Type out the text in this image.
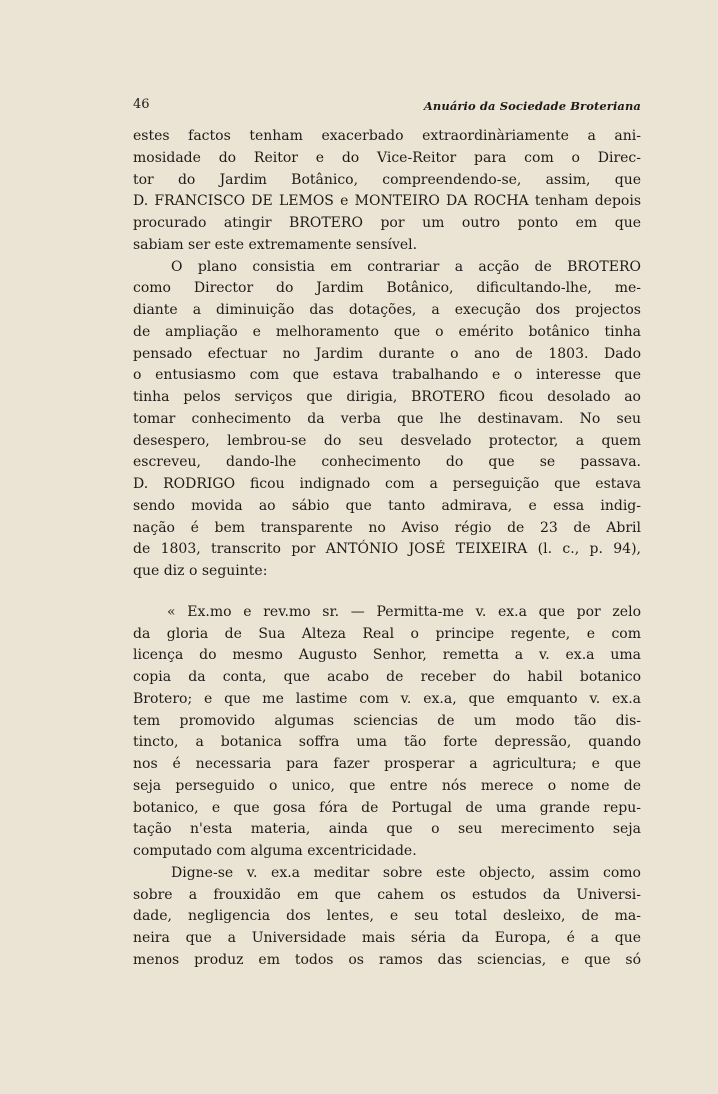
46	Anuário da Sociedade Broteriana
estes factos tenham exacerbado extraordinàriamente a ani-
mosidade do Reitor e do Vice-Reitor para com o Direc-
tor do Jardim Botânico, compreendendo-se, assim, que
D. FRANCISCO DE LEMOS e MONTEIRO DA ROCHA tenham depois
procurado atingir BROTERO por um outro ponto em que
sabiam ser este extremamente sensível.
O plano consistia em contrariar a acção de BROTERO
como Director do Jardim Botânico, dificultando-lhe, me-
diante a diminuição das dotações, a execução dos projectos
de ampliação e melhoramento que o emérito botânico tinha
pensado efectuar no Jardim durante o ano de 1803. Dado
o entusiasmo com que estava trabalhando e o interesse que
tinha pelos serviços que dirigia, BROTERO ficou desolado ao
tomar conhecimento da verba que lhe destinavam. No seu
desespero, lembrou-se do seu desvelado protector, a quem
escreveu, dando-lhe conhecimento do que se passava.
D. RODRIGO ficou indignado com a perseguição que estava
sendo movida ao sábio que tanto admirava, e essa indig-
nação é bem transparente no Aviso régio de 23 de Abril
de 1803, transcrito por ANTÓNIO JOSÉ TEIXEIRA (l. c., p. 94),
que diz o seguinte:
« Ex.mo e rev.mo sr. — Permitta-me v. ex.a que por zelo
da gloria de Sua Alteza Real o principe regente, e com
licença do mesmo Augusto Senhor, remetta a v. ex.a uma
copia da conta, que acabo de receber do habil botanico
Brotero; e que me lastime com v. ex.a, que emquanto v. ex.a
tem promovido algumas sciencias de um modo tão dis-
tincto, a botanica soffra uma tão forte depressão, quando
nos é necessaria para fazer prosperar a agricultura; e que
seja perseguido o unico, que entre nós merece o nome de
botanico, e que gosa fóra de Portugal de uma grande repu-
tação n'esta materia, ainda que o seu merecimento seja
computado com alguma excentricidade.
Digne-se v. ex.a meditar sobre este objecto, assim como
sobre a frouxidão em que cahem os estudos da Universi-
dade, negligencia dos lentes, e seu total desleixo, de ma-
neira que a Universidade mais séria da Europa, é a que
menos produz em todos os ramos das sciencias, e que só
